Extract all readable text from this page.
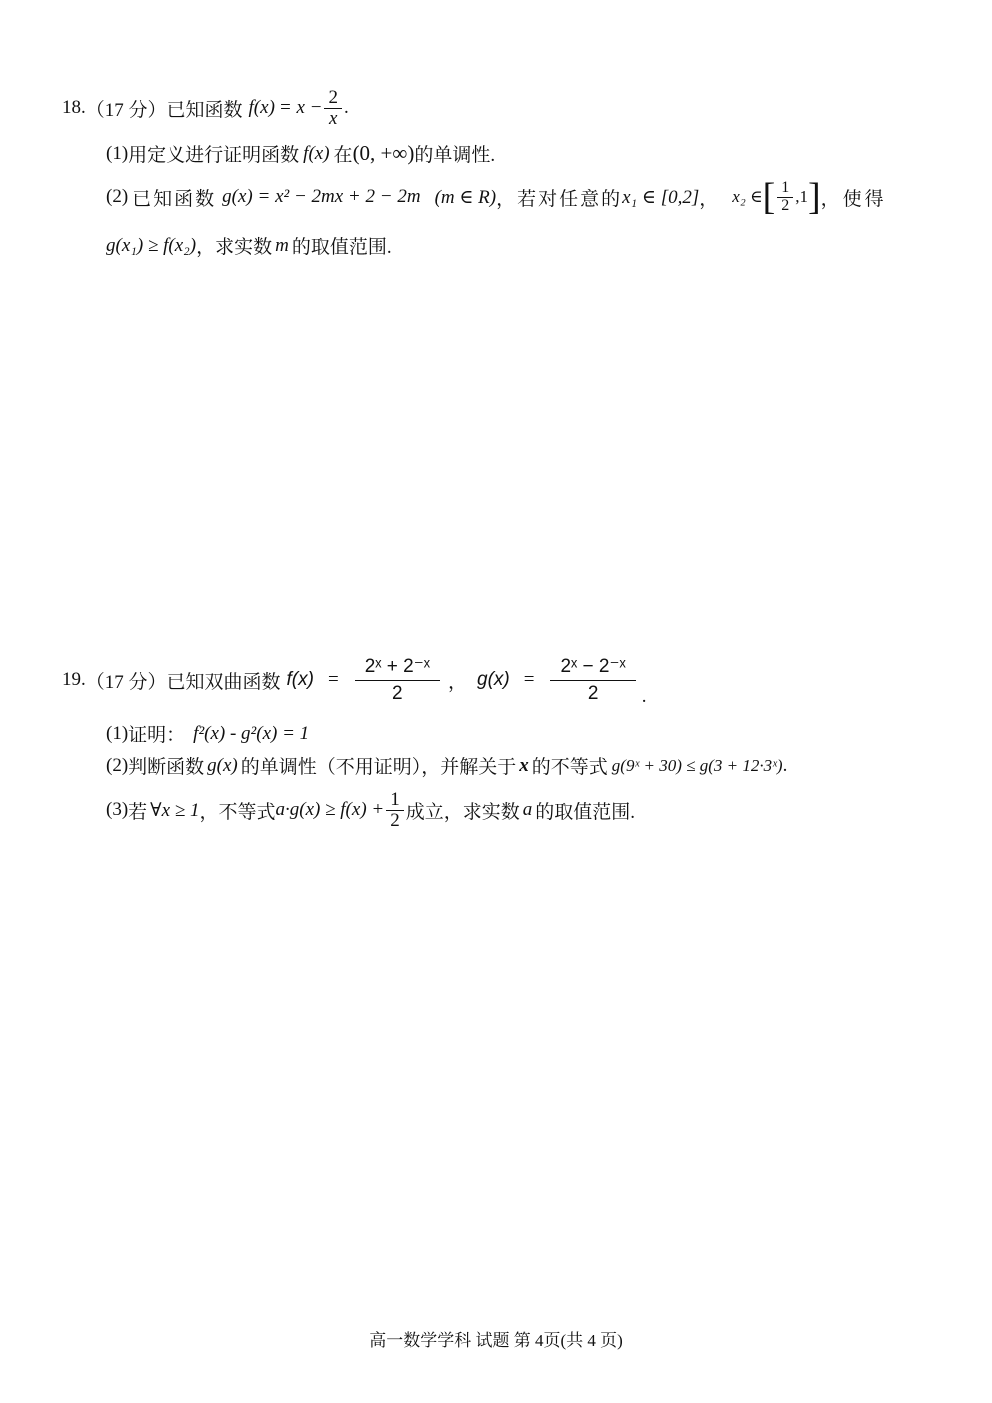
18. （17 分） 已知函数 $f(x) = x - \frac{2}{x}$ .
(1) 用定义进行证明函数 f(x) 在 (0, +∞) 的单调性.
(2) 已知函数 g(x) = x² − 2mx + 2 − 2m (m ∈ R) ，若对任意的 x₁ ∈ [0,2] ， x₂ ∈ [ $\frac{1}{2} ,1$ ] ，使得
g(x₁) ≥ f(x₂) ，求实数 m 的取值范围.
19. （17 分） 已知双曲函数 $f(x) = \frac{\text{2ˣ + 2⁻ˣ}}{2}$ ， $g(x) = \frac{\text{2ˣ − 2⁻ˣ}}{2}$ .
(1) 证明： f²(x) - g²(x) = 1
(2) 判断函数 g(x) 的单调性（不用证明），并解关于 x 的不等式 g(9ˣ + 30) ≤ g(3 + 12·3ˣ) .
(3) 若 ∀x ≥ 1 ，不等式 $a\cdot g(x) \ge f(x) + \frac{1}{2}$ 成立，求实数 a 的取值范围.
高一数学学科 试题 第 4页(共 4 页)
